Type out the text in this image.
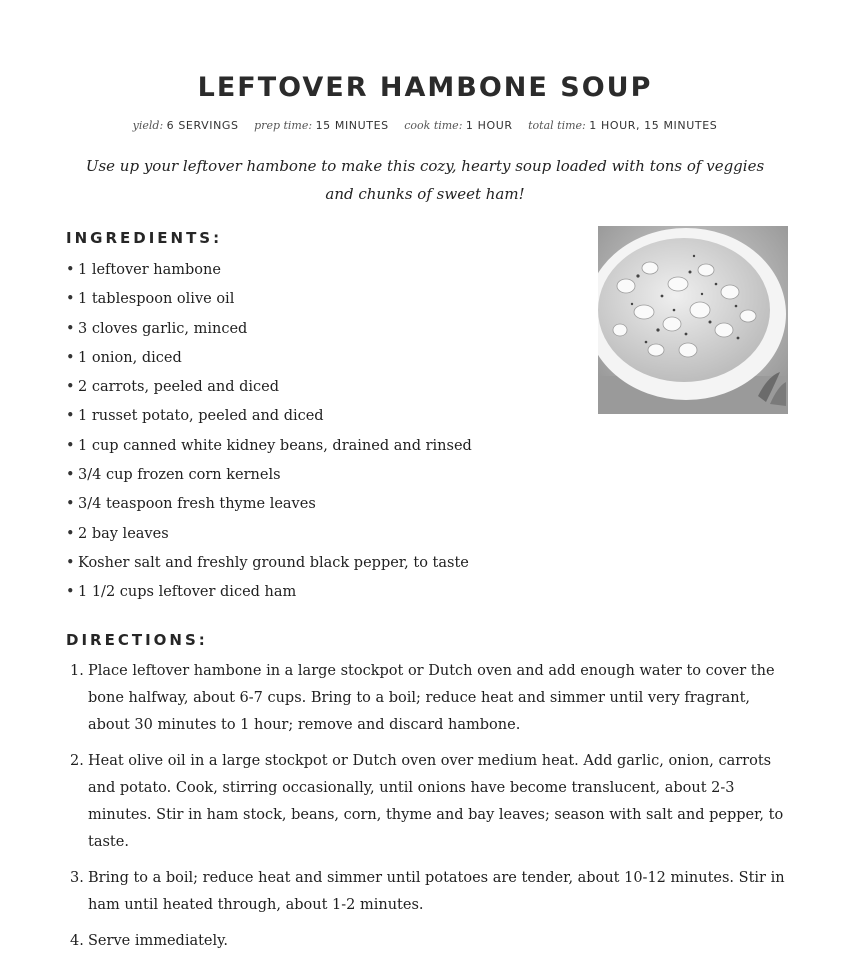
LEFTOVER HAMBONE SOUP
yield: 6 SERVINGS prep time: 15 MINUTES cook time: 1 HOUR total time: 1 HOUR, 15 MINUTES
Use up your leftover hambone to make this cozy, hearty soup loaded with tons of veggies and chunks of sweet ham!
INGREDIENTS:
• 1 leftover hambone
• 1 tablespoon olive oil
• 3 cloves garlic, minced
• 1 onion, diced
• 2 carrots, peeled and diced
• 1 russet potato, peeled and diced
• 1 cup canned white kidney beans, drained and rinsed
• 3/4 cup frozen corn kernels
• 3/4 teaspoon fresh thyme leaves
• 2 bay leaves
• Kosher salt and freshly ground black pepper, to taste
• 1 1/2 cups leftover diced ham
DIRECTIONS:
1. Place leftover hambone in a large stockpot or Dutch oven and add enough water to cover the bone halfway, about 6-7 cups. Bring to a boil; reduce heat and simmer until very fragrant, about 30 minutes to 1 hour; remove and discard hambone.
2. Heat olive oil in a large stockpot or Dutch oven over medium heat. Add garlic, onion, carrots and potato. Cook, stirring occasionally, until onions have become translucent, about 2-3 minutes. Stir in ham stock, beans, corn, thyme and bay leaves; season with salt and pepper, to taste.
3. Bring to a boil; reduce heat and simmer until potatoes are tender, about 10-12 minutes. Stir in ham until heated through, about 1-2 minutes.
4. Serve immediately.
